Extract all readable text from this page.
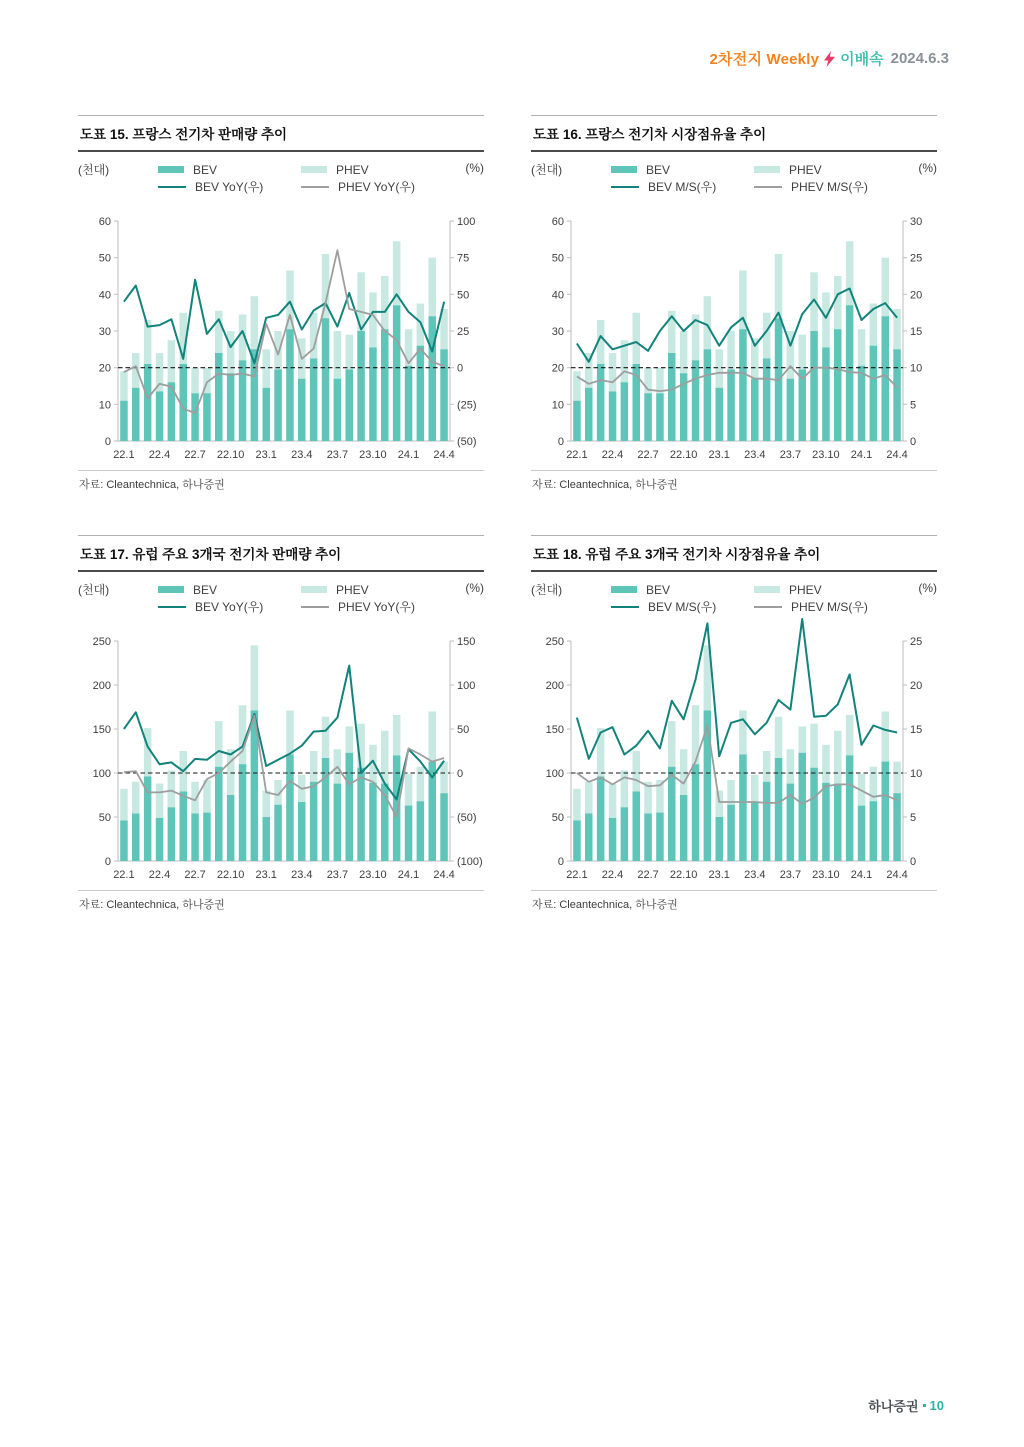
2차전지 Weekly 이배속 2024.6.3
도표 15. 프랑스 전기차 판매량 추이
(천대)	BEV
BEV YoY(우)
PHEV
PHEV YoY(우)
(%)
0
10
20
30
40
50
60
(50)
(25)
0
25
50
75
100
22.1 22.4 22.7 22.10 23.1 23.4 23.7 23.10 24.1 24.4
자료: Cleantechnica, 하나증권
도표 16. 프랑스 전기차 시장점유율 추이
(천대)	BEV
BEV M/S(우)
PHEV
PHEV M/S(우)
(%)
0
10
20
30
40
50
60
0
5
10
15
20
25
30
22.1 22.4 22.7 22.10 23.1 23.4 23.7 23.10 24.1 24.4
자료: Cleantechnica, 하나증권
도표 17. 유럽 주요 3개국 전기차 판매량 추이
(천대)	BEV
BEV YoY(우)
PHEV
PHEV YoY(우)
(%)
0
50
100
150
200
250
(100)
(50)
0
50
100
150
22.1 22.4 22.7 22.10 23.1 23.4 23.7 23.10 24.1 24.4
자료: Cleantechnica, 하나증권
도표 18. 유럽 주요 3개국 전기차 시장점유율 추이
(천대)	BEV
BEV M/S(우)
PHEV
PHEV M/S(우)
(%)
0
50
100
150
200
250
0
5
10
15
20
25
22.1 22.4 22.7 22.10 23.1 23.4 23.7 23.10 24.1 24.4
자료: Cleantechnica, 하나증권
하나증권 10
